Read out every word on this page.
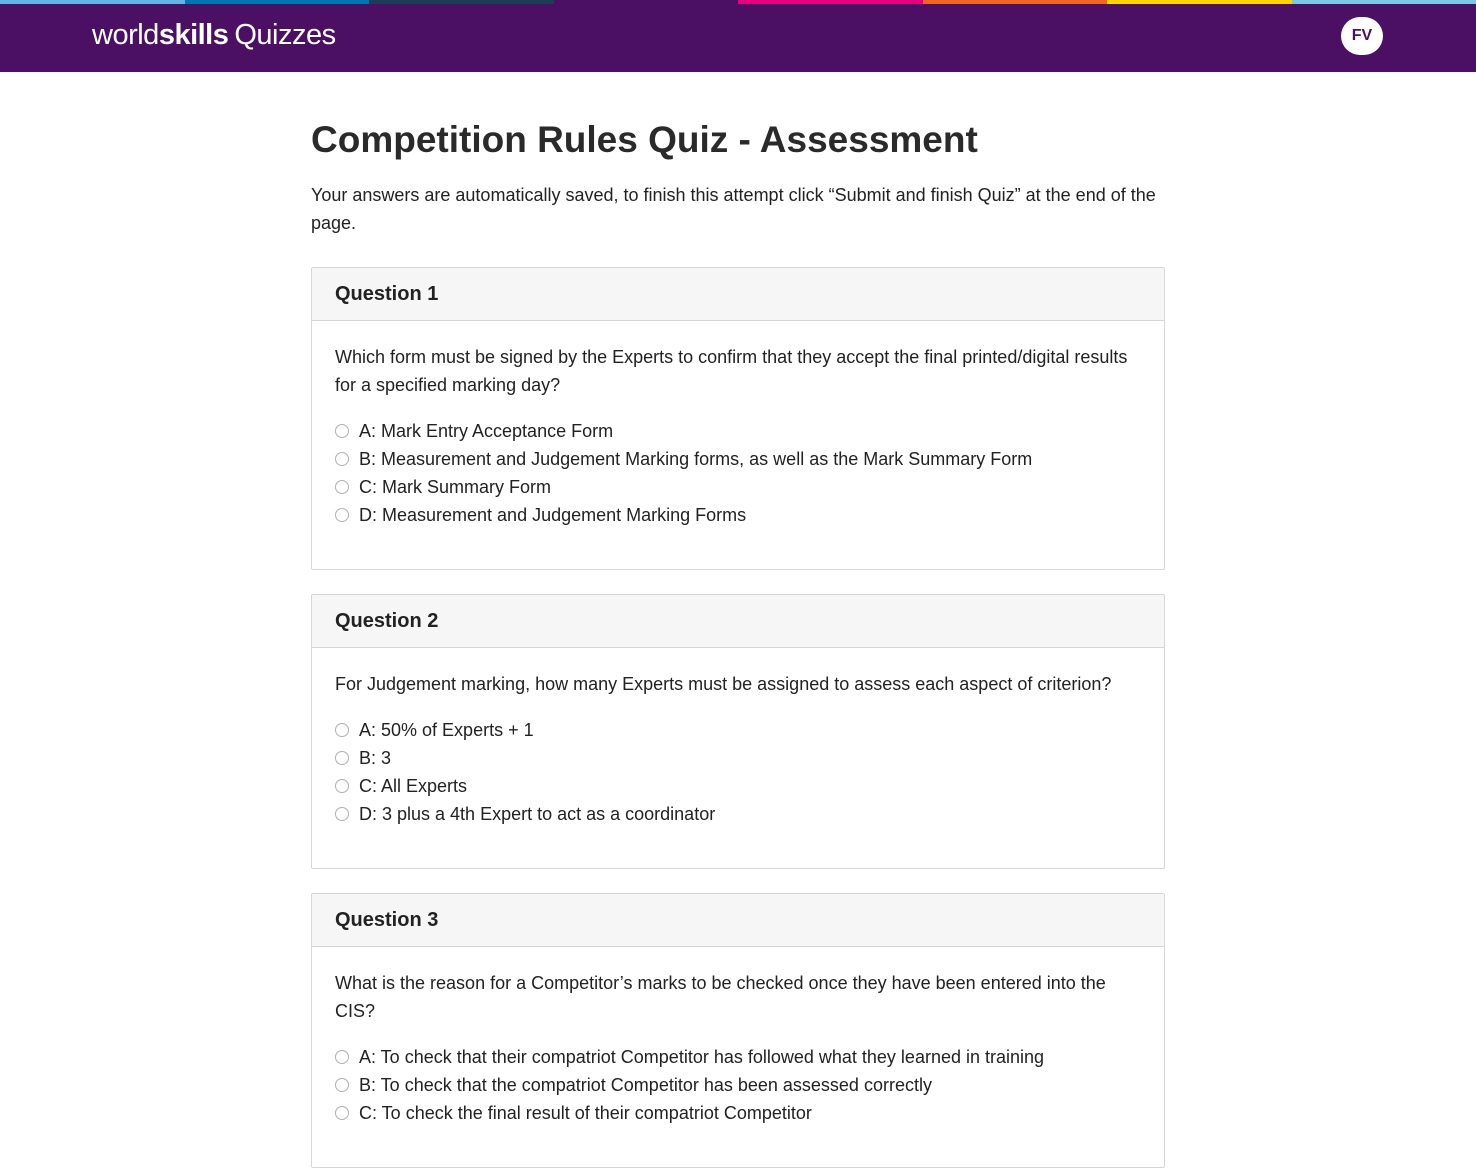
worldskills Quizzes	FV
Competition Rules Quiz - Assessment

Your answers are automatically saved, to finish this attempt click “Submit and finish Quiz” at the end of the page.

Question 1

Which form must be signed by the Experts to confirm that they accept the final printed/digital results for a specified marking day?

A: Mark Entry Acceptance Form
B: Measurement and Judgement Marking forms, as well as the Mark Summary Form
C: Mark Summary Form
D: Measurement and Judgement Marking Forms
Question 2

For Judgement marking, how many Experts must be assigned to assess each aspect of criterion?

A: 50% of Experts + 1
B: 3
C: All Experts
D: 3 plus a 4th Expert to act as a coordinator
Question 3

What is the reason for a Competitor’s marks to be checked once they have been entered into the CIS?

A: To check that their compatriot Competitor has followed what they learned in training
B: To check that the compatriot Competitor has been assessed correctly
C: To check the final result of their compatriot Competitor
